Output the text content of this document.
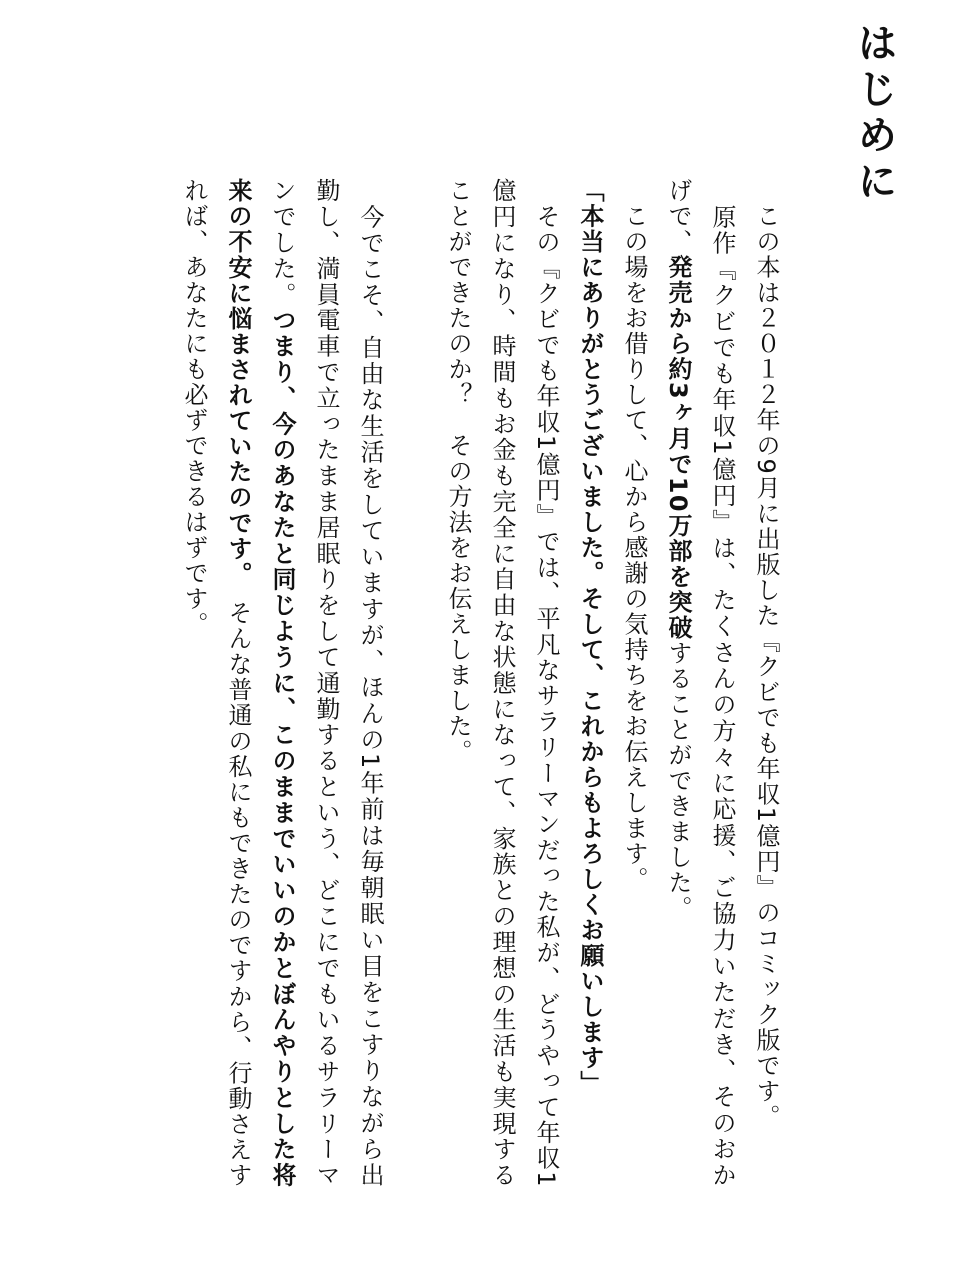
はじめに

　この本は２０１２年の9月に出版した『クビでも年収1億円』のコミック版です。

　原作『クビでも年収1億円』は、たくさんの方々に応援、ご協力いただき、そのおかげで、発売から約3ヶ月で10万部を突破することができました。

　この場をお借りして、心から感謝の気持ちをお伝えします。

「本当にありがとうございました。そして、これからもよろしくお願いします」

　その『クビでも年収1億円』では、平凡なサラリーマンだった私が、どうやって年収1億円になり、時間もお金も完全に自由な状態になって、家族との理想の生活も実現することができたのか？　その方法をお伝えしました。

　今でこそ、自由な生活をしていますが、ほんの1年前は毎朝眠い目をこすりながら出勤し、満員電車で立ったまま居眠りをして通勤するという、どこにでもいるサラリーマンでした。つまり、今のあなたと同じように、このままでいいのかとぼんやりとした将来の不安に悩まされていたのです。　そんな普通の私にもできたのですから、行動さえすれば、あなたにも必ずできるはずです。
